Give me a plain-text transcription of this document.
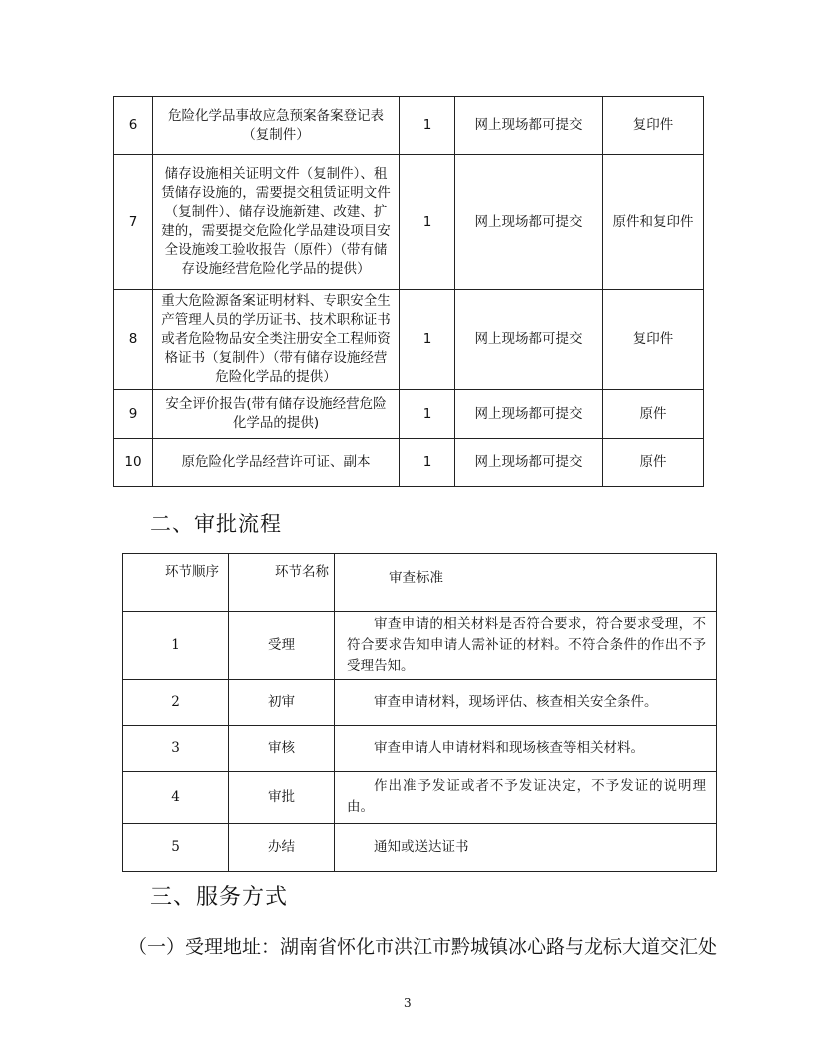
6	危险化学品事故应急预案备案登记表（复制件）	1	网上现场都可提交	复印件
7	储存设施相关证明文件（复制件）、租赁储存设施的，需要提交租赁证明文件（复制件）、储存设施新建、改建、扩建的，需要提交危险化学品建设项目安全设施竣工验收报告（原件）（带有储存设施经营危险化学品的提供）	1	网上现场都可提交	原件和复印件
8	重大危险源备案证明材料、专职安全生产管理人员的学历证书、技术职称证书或者危险物品安全类注册安全工程师资格证书（复制件）（带有储存设施经营危险化学品的提供）	1	网上现场都可提交	复印件
9	安全评价报告(带有储存设施经营危险化学品的提供)	1	网上现场都可提交	原件
10	原危险化学品经营许可证、副本	1	网上现场都可提交	原件
二、审批流程
环节顺序	环节名称	审查标准
1	受理	审查申请的相关材料是否符合要求，符合要求受理，不符合要求告知申请人需补证的材料。不符合条件的作出不予受理告知。

2	初审	审查申请材料，现场评估、核查相关安全条件。

3	审核	审查申请人申请材料和现场核查等相关材料。

4	审批	作出准予发证或者不予发证决定，不予发证的说明理由。

5	办结	通知或送达证书
三、服务方式
（一）受理地址：湖南省怀化市洪江市黔城镇冰心路与龙标大道交汇处
3
